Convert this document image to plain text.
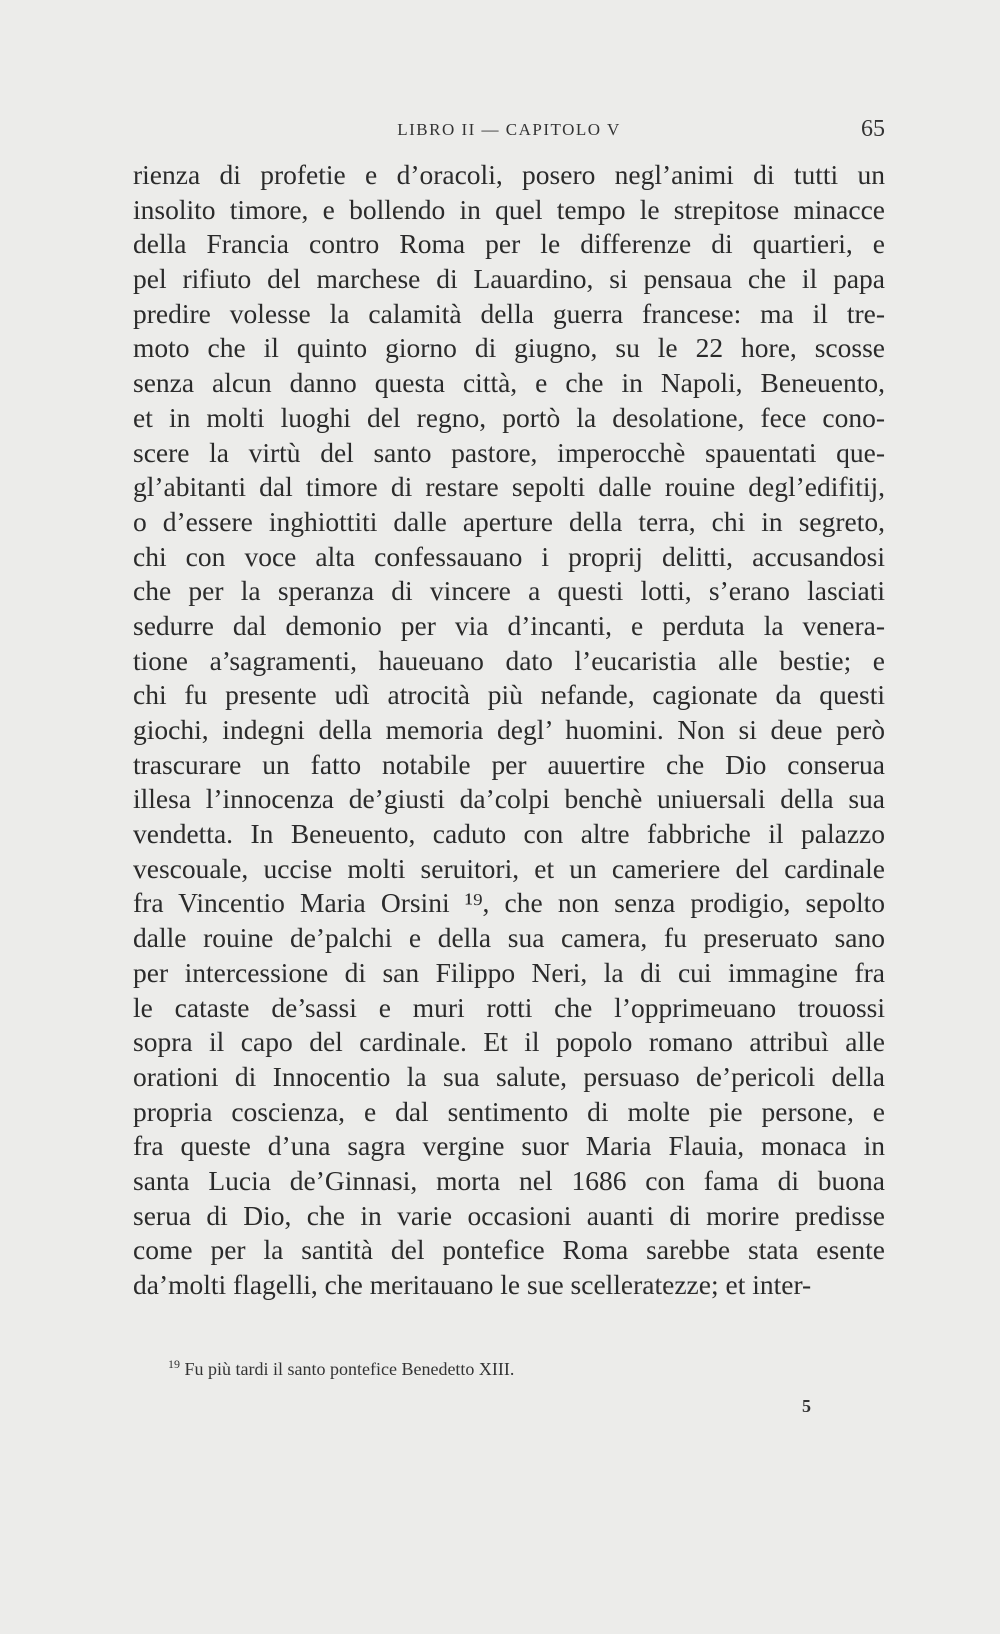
LIBRO II — CAPITOLO V	65
rienza di profetie e d’oracoli, posero negl’animi di tutti un
insolito timore, e bollendo in quel tempo le strepitose minacce
della Francia contro Roma per le differenze di quartieri, e
pel rifiuto del marchese di Lauardino, si pensaua che il papa
predire volesse la calamità della guerra francese: ma il tre-
moto che il quinto giorno di giugno, su le 22 hore, scosse
senza alcun danno questa città, e che in Napoli, Beneuento,
et in molti luoghi del regno, portò la desolatione, fece cono-
scere la virtù del santo pastore, imperocchè spauentati que-
gl’abitanti dal timore di restare sepolti dalle rouine degl’edifitij,
o d’essere inghiottiti dalle aperture della terra, chi in segreto,
chi con voce alta confessauano i proprij delitti, accusandosi
che per la speranza di vincere a questi lotti, s’erano lasciati
sedurre dal demonio per via d’incanti, e perduta la venera-
tione a’sagramenti, haueuano dato l’eucaristia alle bestie; e
chi fu presente udì atrocità più nefande, cagionate da questi
giochi, indegni della memoria degl’ huomini. Non si deue però
trascurare un fatto notabile per auuertire che Dio conserua
illesa l’innocenza de’giusti da’colpi benchè uniuersali della sua
vendetta. In Beneuento, caduto con altre fabbriche il palazzo
vescouale, uccise molti seruitori, et un cameriere del cardinale
fra Vincentio Maria Orsini ¹⁹, che non senza prodigio, sepolto
dalle rouine de’palchi e della sua camera, fu preseruato sano
per intercessione di san Filippo Neri, la di cui immagine fra
le cataste de’sassi e muri rotti che l’opprimeuano trouossi
sopra il capo del cardinale. Et il popolo romano attribuì alle
orationi di Innocentio la sua salute, persuaso de’pericoli della
propria coscienza, e dal sentimento di molte pie persone, e
fra queste d’una sagra vergine suor Maria Flauia, monaca in
santa Lucia de’Ginnasi, morta nel 1686 con fama di buona
serua di Dio, che in varie occasioni auanti di morire predisse
come per la santità del pontefice Roma sarebbe stata esente
da’molti flagelli, che meritauano le sue scelleratezze; et inter-
$^{19}$ Fu più tardi il santo pontefice Benedetto XIII.
5
